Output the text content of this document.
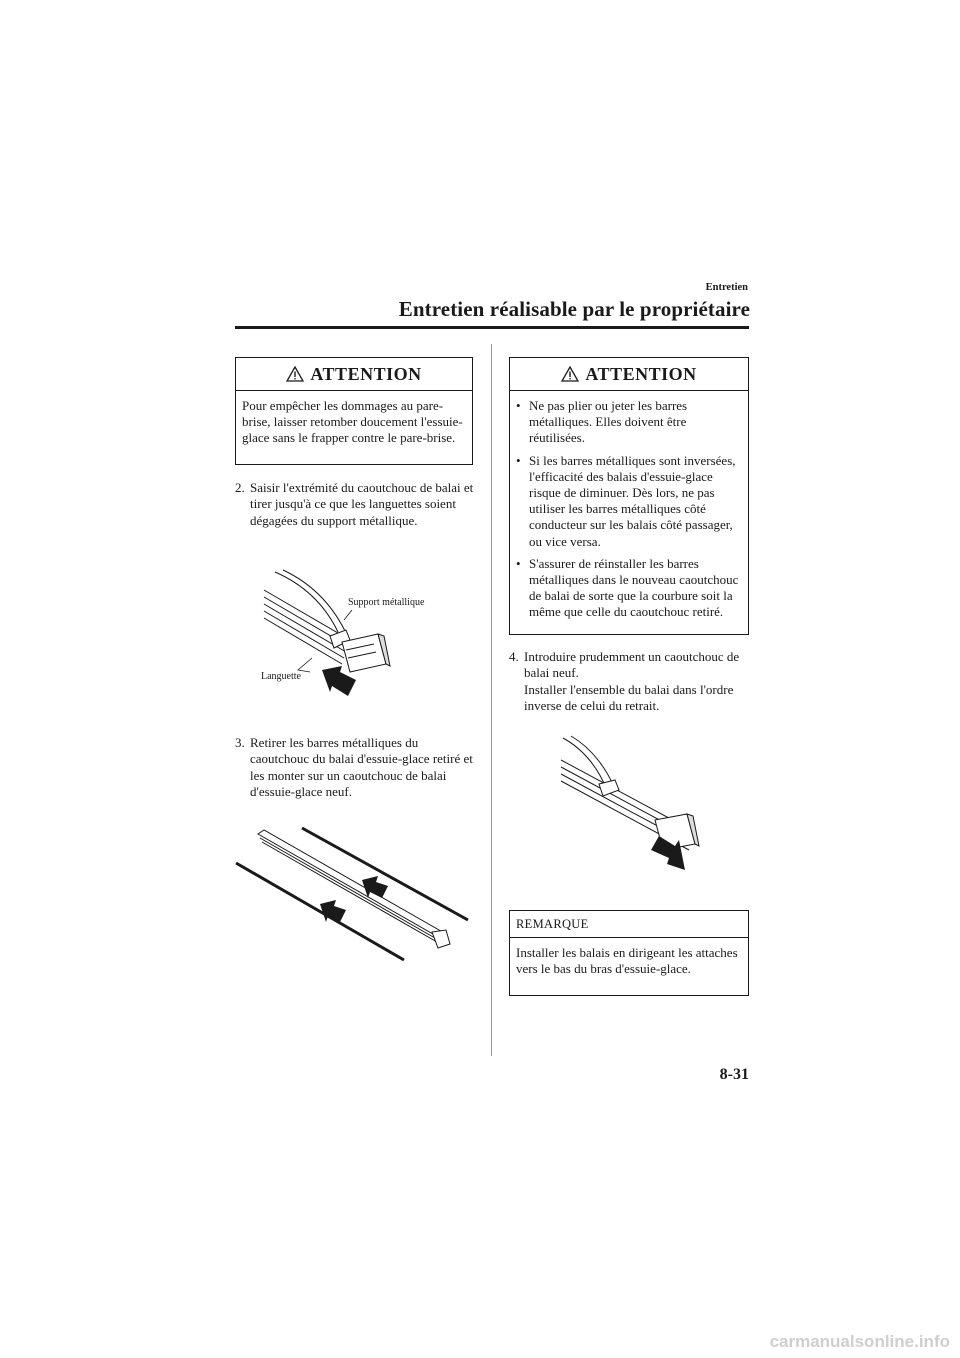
Entretien
Entretien réalisable par le propriétaire
ATTENTION
Pour empêcher les dommages au pare-brise, laisser retomber doucement l'essuie-glace sans le frapper contre le pare-brise.
2. Saisir l'extrémité du caoutchouc de balai et tirer jusqu'à ce que les languettes soient dégagées du support métallique.
Support métallique
Languette
3. Retirer les barres métalliques du caoutchouc du balai d'essuie-glace retiré et les monter sur un caoutchouc de balai d'essuie-glace neuf.
ATTENTION
• Ne pas plier ou jeter les barres métalliques. Elles doivent être réutilisées.
• Si les barres métalliques sont inversées, l'efficacité des balais d'essuie-glace risque de diminuer. Dès lors, ne pas utiliser les barres métalliques côté conducteur sur les balais côté passager, ou vice versa.
• S'assurer de réinstaller les barres métalliques dans le nouveau caoutchouc de balai de sorte que la courbure soit la même que celle du caoutchouc retiré.
4. Introduire prudemment un caoutchouc de balai neuf.
Installer l'ensemble du balai dans l'ordre inverse de celui du retrait.
REMARQUE
Installer les balais en dirigeant les attaches vers le bas du bras d'essuie-glace.
8-31
carmanualsonline.info
